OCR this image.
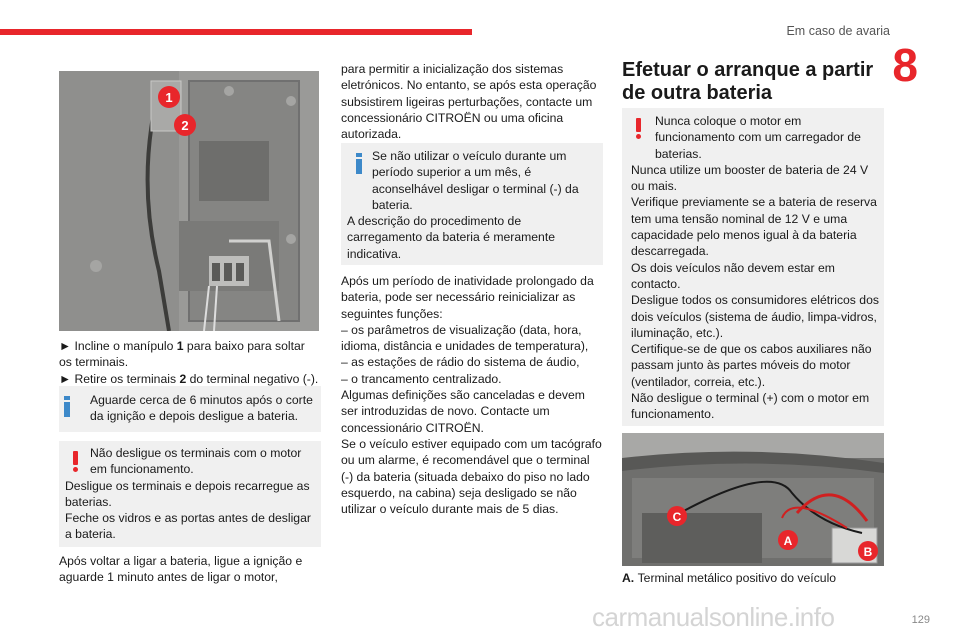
Em caso de avaria
8
1
2

► Incline o manípulo 1 para baixo para soltar os terminais.

► Retire os terminais 2 do terminal negativo (-).

Aguarde cerca de 6 minutos após o corte da ignição e depois desligue a bateria.

Não desligue os terminais com o motor em funcionamento.

Desligue os terminais e depois recarregue as baterias.

Feche os vidros e as portas antes de desligar a bateria.

Após voltar a ligar a bateria, ligue a ignição e aguarde 1 minuto antes de ligar o motor,
para permitir a inicialização dos sistemas eletrónicos. No entanto, se após esta operação subsistirem ligeiras perturbações, contacte um concessionário CITROËN ou uma oficina autorizada.

Se não utilizar o veículo durante um período superior a um mês, é aconselhável desligar o terminal (-) da bateria.

A descrição do procedimento de carregamento da bateria é meramente indicativa.

Após um período de inatividade prolongado da bateria, pode ser necessário reinicializar as seguintes funções:

– os parâmetros de visualização (data, hora, idioma, distância e unidades de temperatura),

– as estações de rádio do sistema de áudio,

– o trancamento centralizado.

Algumas definições são canceladas e devem ser introduzidas de novo. Contacte um concessionário CITROËN.

Se o veículo estiver equipado com um tacógrafo ou um alarme, é recomendável que o terminal (-) da bateria (situada debaixo do piso no lado esquerdo, na cabina) seja desligado se não utilizar o veículo durante mais de 5 dias.

Efetuar o arranque a partir de outra bateria

Nunca coloque o motor em funcionamento com um carregador de baterias.

Nunca utilize um booster de bateria de 24 V ou mais.

Verifique previamente se a bateria de reserva tem uma tensão nominal de 12 V e uma capacidade pelo menos igual à da bateria descarregada.

Os dois veículos não devem estar em contacto.

Desligue todos os consumidores elétricos dos dois veículos (sistema de áudio, limpa-vidros, iluminação, etc.).

Certifique-se de que os cabos auxiliares não passam junto às partes móveis do motor (ventilador, correia, etc.).

Não desligue o terminal (+) com o motor em funcionamento.

C
A
B
A. Terminal metálico positivo do veículo
carmanualsonline.info	129
